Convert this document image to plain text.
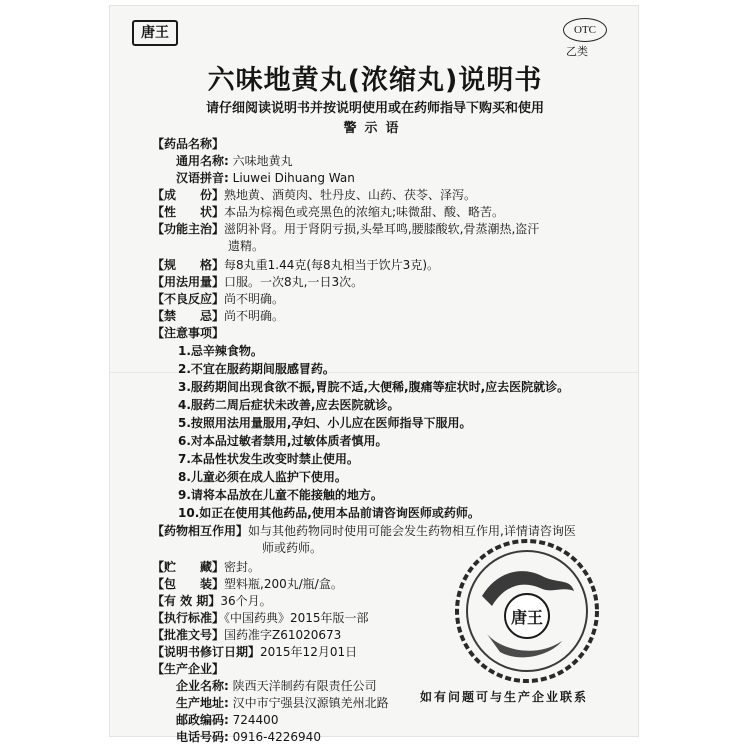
唐王	OTC
乙类
六味地黄丸(浓缩丸)说明书
请仔细阅读说明书并按说明使用或在药师指导下购买和使用
警示语
【药品名称】
通用名称: 六味地黄丸
汉语拼音: Liuwei Dihuang Wan
【成　　份】熟地黄、酒萸肉、牡丹皮、山药、茯苓、泽泻。
【性　　状】本品为棕褐色或亮黑色的浓缩丸;味微甜、酸、略苦。
【功能主治】滋阴补肾。用于肾阴亏损,头晕耳鸣,腰膝酸软,骨蒸潮热,盗汗
遗精。
【规　　格】每8丸重1.44克(每8丸相当于饮片3克)。
【用法用量】口服。一次8丸,一日3次。
【不良反应】尚不明确。
【禁　　忌】尚不明确。
【注意事项】
1.忌辛辣食物。
2.不宜在服药期间服感冒药。
3.服药期间出现食欲不振,胃脘不适,大便稀,腹痛等症状时,应去医院就诊。
4.服药二周后症状未改善,应去医院就诊。
5.按照用法用量服用,孕妇、小儿应在医师指导下服用。
6.对本品过敏者禁用,过敏体质者慎用。
7.本品性状发生改变时禁止使用。
8.儿童必须在成人监护下使用。
9.请将本品放在儿童不能接触的地方。
10.如正在使用其他药品,使用本品前请咨询医师或药师。
【药物相互作用】如与其他药物同时使用可能会发生药物相互作用,详情请咨询医
师或药师。
【贮　　藏】密封。
【包　　装】塑料瓶,200丸/瓶/盒。
【有 效 期】36个月。
【执行标准】《中国药典》2015年版一部
【批准文号】国药准字Z61020673
【说明书修订日期】2015年12月01日
【生产企业】
企业名称: 陕西天洋制药有限责任公司
生产地址: 汉中市宁强县汉源镇羌州北路
邮政编码: 724400
电话号码: 0916-4226940
唐王
如有问题可与生产企业联系
